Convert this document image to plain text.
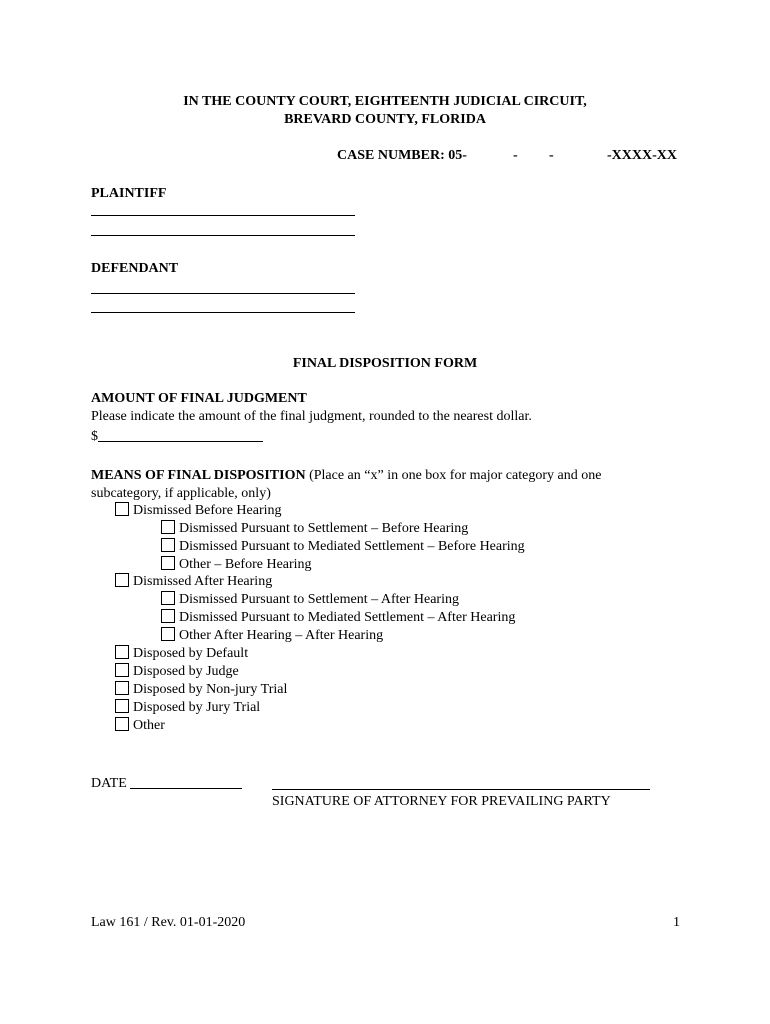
IN THE COUNTY COURT, EIGHTEENTH JUDICIAL CIRCUIT,
BREVARD COUNTY, FLORIDA
CASE NUMBER: 05-	- -	-XXXX-XX
PLAINTIFF
DEFENDANT
FINAL DISPOSITION FORM
AMOUNT OF FINAL JUDGMENT
Please indicate the amount of the final judgment, rounded to the nearest dollar.
$
MEANS OF FINAL DISPOSITION (Place an “x” in one box for major category and one
subcategory, if applicable, only)
Dismissed Before Hearing
Dismissed Pursuant to Settlement – Before Hearing
Dismissed Pursuant to Mediated Settlement – Before Hearing
Other – Before Hearing
Dismissed After Hearing
Dismissed Pursuant to Settlement – After Hearing
Dismissed Pursuant to Mediated Settlement – After Hearing
Other After Hearing – After Hearing
Disposed by Default
Disposed by Judge
Disposed by Non-jury Trial
Disposed by Jury Trial
Other
DATE
SIGNATURE OF ATTORNEY FOR PREVAILING PARTY
Law 161 / Rev. 01-01-2020	1
